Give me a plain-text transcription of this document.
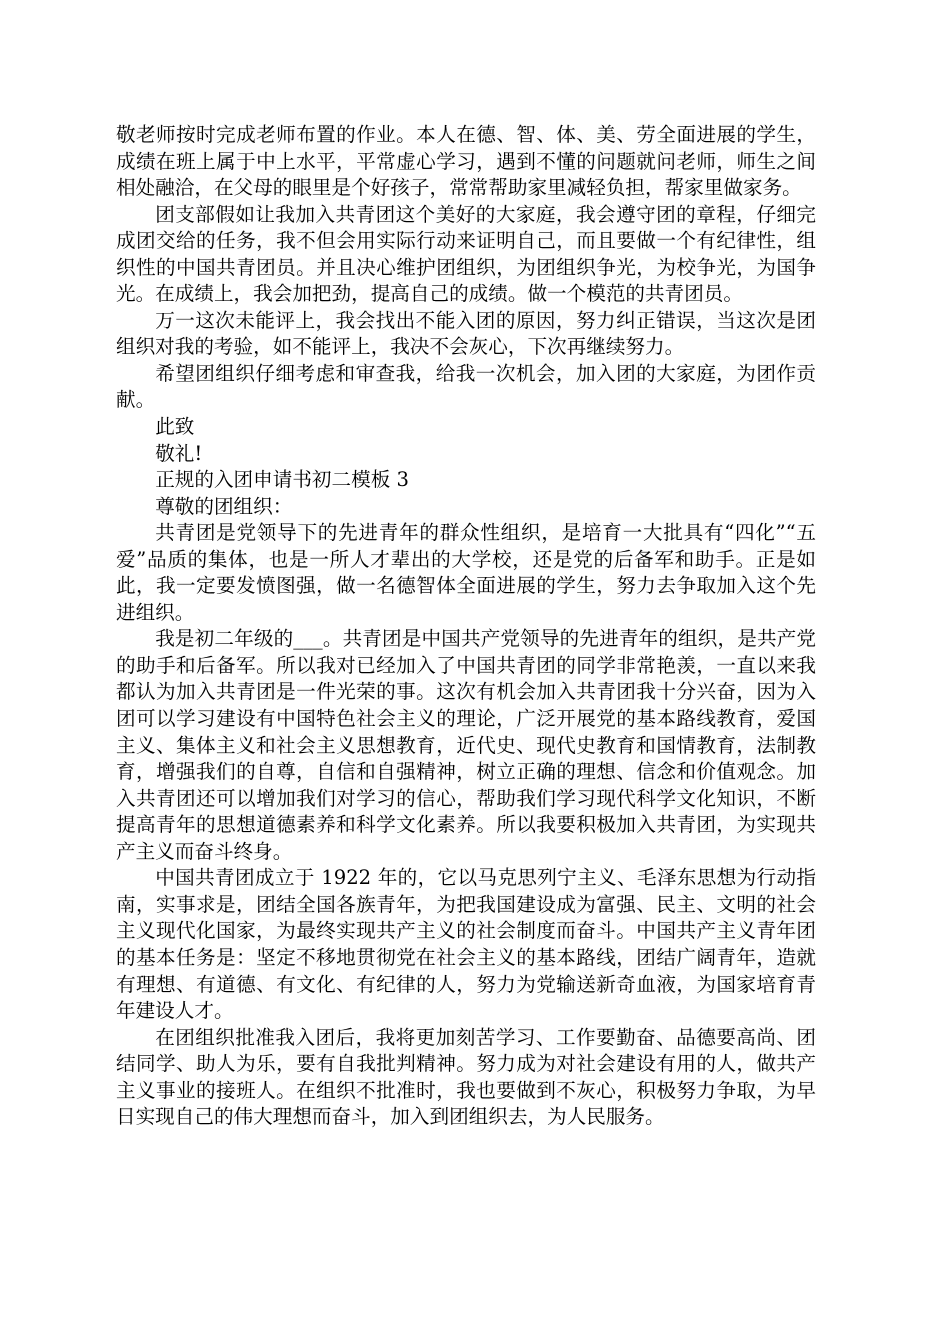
敬老师按时完成老师布置的作业。本人在德、智、体、美、劳全面进展的学生，成绩在班上属于中上水平，平常虚心学习，遇到不懂的问题就问老师，师生之间相处融洽，在父母的眼里是个好孩子，常常帮助家里减轻负担，帮家里做家务。

团支部假如让我加入共青团这个美好的大家庭，我会遵守团的章程，仔细完成团交给的任务，我不但会用实际行动来证明自己，而且要做一个有纪律性，组织性的中国共青团员。并且决心维护团组织，为团组织争光，为校争光，为国争光。在成绩上，我会加把劲，提高自己的成绩。做一个模范的共青团员。

万一这次未能评上，我会找出不能入团的原因，努力纠正错误，当这次是团组织对我的考验，如不能评上，我决不会灰心，下次再继续努力。

希望团组织仔细考虑和审查我，给我一次机会，加入团的大家庭，为团作贡献。

此致

敬礼!

正规的入团申请书初二模板 3

尊敬的团组织：

共青团是党领导下的先进青年的群众性组织，是培育一大批具有“四化”“五爱”品质的集体，也是一所人才辈出的大学校，还是党的后备军和助手。正是如此，我一定要发愤图强，做一名德智体全面进展的学生，努力去争取加入这个先进组织。

我是初二年级的___。共青团是中国共产党领导的先进青年的组织，是共产党的助手和后备军。所以我对已经加入了中国共青团的同学非常艳羡，一直以来我都认为加入共青团是一件光荣的事。这次有机会加入共青团我十分兴奋，因为入团可以学习建设有中国特色社会主义的理论，广泛开展党的基本路线教育，爱国主义、集体主义和社会主义思想教育，近代史、现代史教育和国情教育，法制教育，增强我们的自尊，自信和自强精神，树立正确的理想、信念和价值观念。加入共青团还可以增加我们对学习的信心，帮助我们学习现代科学文化知识，不断提高青年的思想道德素养和科学文化素养。所以我要积极加入共青团，为实现共产主义而奋斗终身。

中国共青团成立于 1922 年的，它以马克思列宁主义、毛泽东思想为行动指南，实事求是，团结全国各族青年，为把我国建设成为富强、民主、文明的社会主义现代化国家，为最终实现共产主义的社会制度而奋斗。中国共产主义青年团的基本任务是：坚定不移地贯彻党在社会主义的基本路线，团结广阔青年，造就有理想、有道德、有文化、有纪律的人，努力为党输送新奇血液，为国家培育青年建设人才。

在团组织批准我入团后，我将更加刻苦学习、工作要勤奋、品德要高尚、团结同学、助人为乐，要有自我批判精神。努力成为对社会建设有用的人，做共产主义事业的接班人。在组织不批准时，我也要做到不灰心，积极努力争取，为早日实现自己的伟大理想而奋斗，加入到团组织去，为人民服务。
